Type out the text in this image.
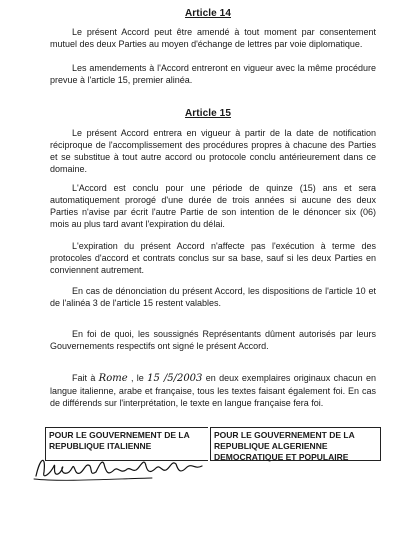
Article 14
Le présent Accord peut être amendé à tout moment par consentement mutuel des deux Parties au moyen d'échange de lettres par voie diplomatique.
Les amendements à l'Accord entreront en vigueur avec la même procédure prevue à l'article 15, premier alinéa.
Article 15
Le présent Accord entrera en vigueur à partir de la date de notification réciproque de l'accomplissement des procédures propres à chacune des Parties et se substitue à tout autre accord ou protocole conclu antérieurement dans ce domaine.
L'Accord est conclu pour une période de quinze (15) ans et sera automatiquement prorogé d'une durée de trois années si aucune des deux Parties n'avise par écrit l'autre Partie de son intention de le dénoncer six (06) mois au plus tard avant l'expiration du délai.
L'expiration du présent Accord n'affecte pas l'exécution à terme des protocoles d'accord et contrats conclus sur sa base, sauf si les deux Parties en conviennent autrement.
En cas de dénonciation du présent Accord, les dispositions de l'article 10 et de l'alinéa 3 de l'article 15 restent valables.
En foi de quoi, les soussignés Représentants dûment autorisés par leurs Gouvernements respectifs ont signé le présent Accord.
Fait à Rome , le 15 /5/2003 en deux exemplaires originaux chacun en langue italienne, arabe et française, tous les textes faisant également foi. En cas de différends sur l'interprétation, le texte en langue française fera foi.
POUR LE GOUVERNEMENT DE LA REPUBLIQUE ITALIENNE
POUR LE GOUVERNEMENT DE LA REPUBLIQUE ALGERIENNE DEMOCRATIQUE ET POPULAIRE
